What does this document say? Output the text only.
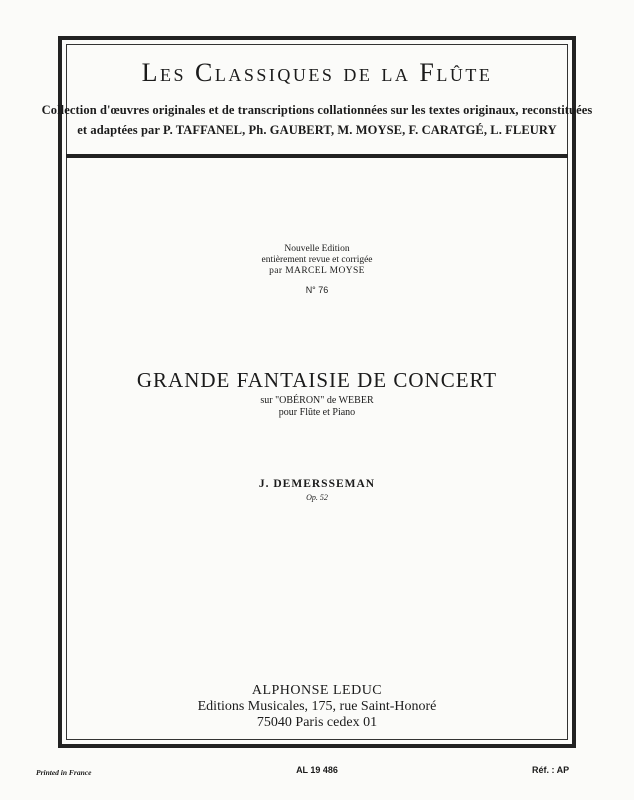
Les Classiques de la Flûte
Collection d'œuvres originales et de transcriptions collationnées sur les textes originaux, reconstituées
et adaptées par P. TAFFANEL, Ph. GAUBERT, M. MOYSE, F. CARATGÉ, L. FLEURY
Nouvelle Edition
entièrement revue et corrigée
par MARCEL MOYSE
N° 76
GRANDE FANTAISIE DE CONCERT
sur "OBÉRON" de WEBER
pour Flûte et Piano
J. DEMERSSEMAN
Op. 52
ALPHONSE LEDUC
Editions Musicales, 175, rue Saint-Honoré
75040 Paris cedex 01
Printed in France	AL 19 486	Réf. : AP
